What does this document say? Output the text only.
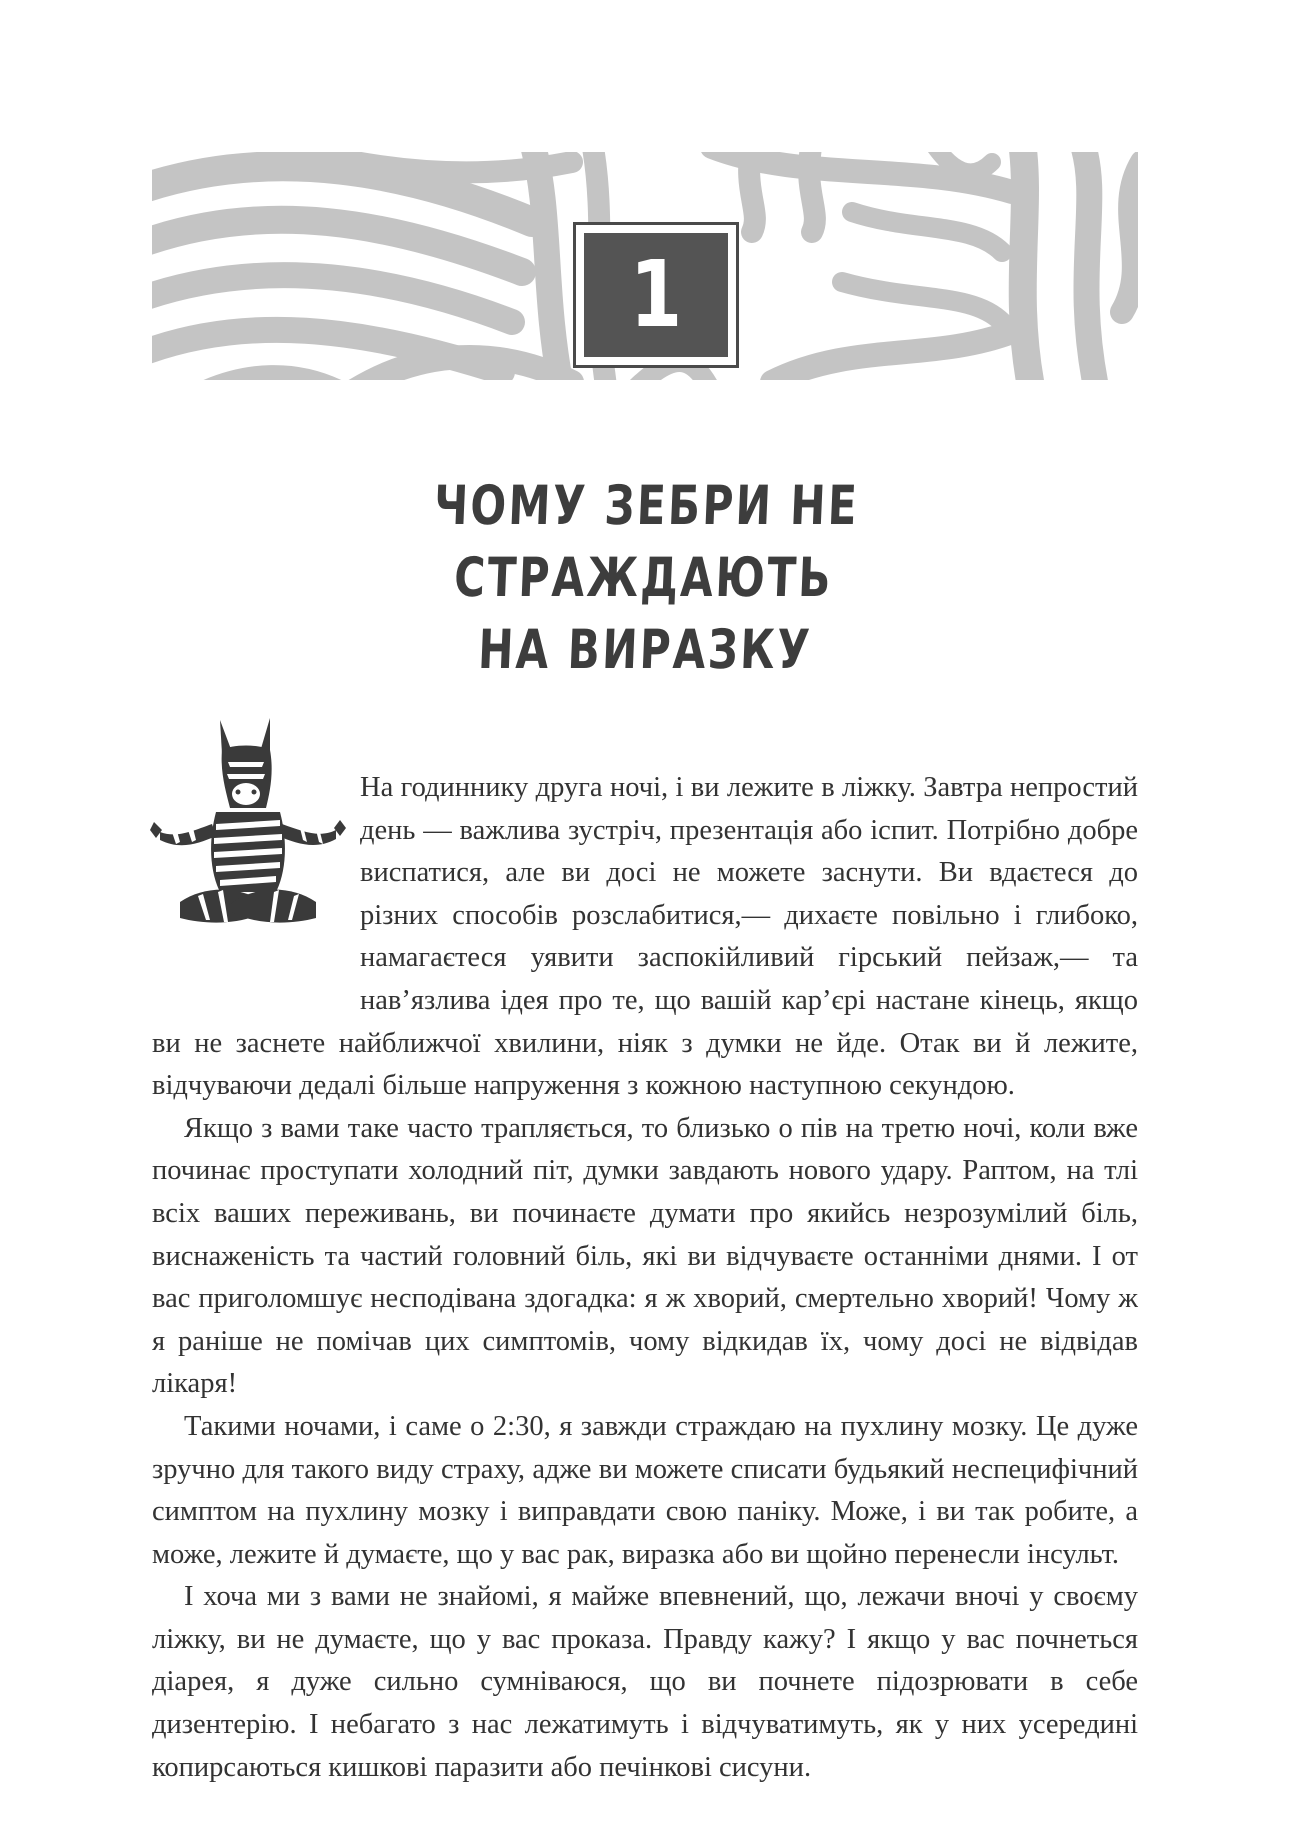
1
ЧОМУ ЗЕБРИ НЕ СТРАЖДАЮТЬ
НА ВИРАЗКУ

На годиннику друга ночі, і ви лежите в ліжку. Завтра непростий день — важлива зустріч, презентація або іспит. Потрібно добре виспатися, але ви досі не можете заснути. Ви вдаєтеся до різних способів розслабитися,— дихаєте повільно і глибоко, намагаєтеся уявити заспокійливий гірський пейзаж,— та нав’язлива ідея про те, що вашій кар’єрі настане кінець, якщо ви не заснете найближчої хвилини, ніяк з думки не йде. Отак ви й лежите, відчуваючи дедалі більше напруження з кожною наступною секундою.

Якщо з вами таке часто трапляється, то близько о пів на третю ночі, коли вже починає проступати холодний піт, думки завдають нового удару. Раптом, на тлі всіх ваших переживань, ви починаєте думати про якийсь незрозумілий біль, виснаженість та частий головний біль, які ви відчуваєте останніми днями. І от вас приголомшує несподівана здогадка: я ж хворий, смертельно хворий! Чому ж я раніше не помічав цих симптомів, чому відкидав їх, чому досі не відвідав лікаря!

Такими ночами, і саме о 2:30, я завжди страждаю на пухлину мозку. Це дуже зручно для такого виду страху, адже ви можете списати будьякий неспецифічний симптом на пухлину мозку і виправдати свою паніку. Може, і ви так робите, а може, лежите й думаєте, що у вас рак, виразка або ви щойно перенесли інсульт.

І хоча ми з вами не знайомі, я майже впевнений, що, лежачи вночі у своєму ліжку, ви не думаєте, що у вас проказа. Правду кажу? І якщо у вас почнеться діарея, я дуже сильно сумніваюся, що ви почнете підозрювати в себе дизентерію. І небагато з нас лежатимуть і відчуватимуть, як у них усередині копирсаються кишкові паразити або печінкові сисуни.
